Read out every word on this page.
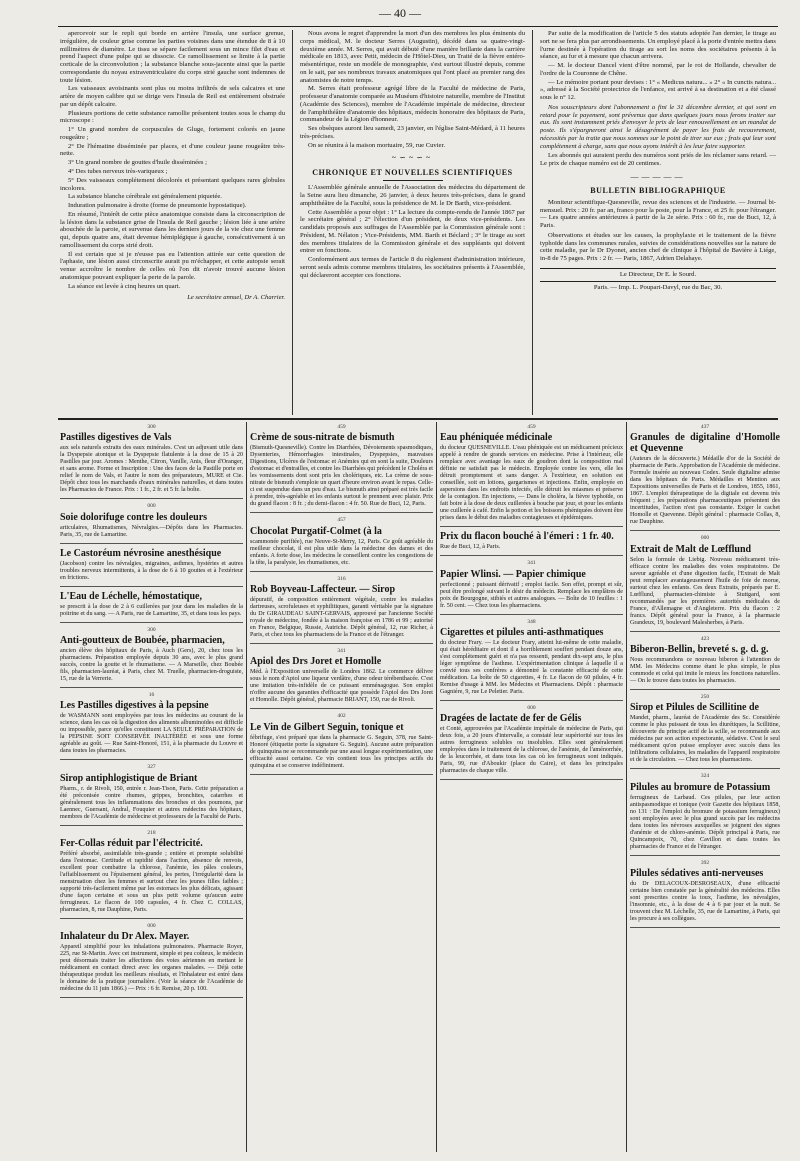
— 40 —

apercevoir sur le repli qui borde en arrière l'insula, une surface grenue, irrégulière, de couleur grise comme les parties voisines dans une étendue de 8 à 10 millimètres de diamètre. Le tissu se sépare facilement sous un mince filet d'eau et prend l'aspect d'une pulpe qui se dissocie. Ce ramollissement se limite à la partie corticale de la circonvolution ; la substance blanche sous-jacente ainsi que la partie correspondante du noyau extraventriculaire du corps strié gauche sont indemnes de toute lésion.

Les vaisseaux avoisinants sont plus ou moins infiltrés de sels calcaires et une artère de moyen calibre qui se dirige vers l'insula de Reil est entièrement obstruée par un dépôt calcaire.

Plusieurs portions de cette substance ramollie présentent toutes sous le champ du microscope :

1° Un grand nombre de corpuscules de Gluge, fortement colorés en jaune rougeâtre ;

2° De l'hématine disséminée par places, et d'une couleur jaune rougeâtre très-nette.

3° Un grand nombre de gouttes d'huile disséminées ;

4° Des tubes nerveux très-variqueux ;

5° Des vaisseaux complétement décolorés et présentant quelques rares globules incolores.

La substance blanche cérébrale est généralement piquetée.

Induration pulmonaire à droite (forme de pneumonie hypostatique).

En résumé, l'intérêt de cette pièce anatomique consiste dans la circonscription de la lésion dans la substance grise de l'insula de Reil gauche ; lésion liée à une artère abouchée de la paroie, et survenue dans les derniers jours de la vie chez une femme qui, depuis quatre ans, était devenue hémiplégique à gauche, consécutivement à un ramollissement du corps strié droit.

Il est certain que si je n'eusse pas eu l'attention attirée sur cette question de l'aphasie, une lésion aussi circonscrite aurait pu m'échapper, et cette autopsie serait venue accroître le nombre de celles où l'on dit n'avoir trouvé aucune lésion anatomique pouvant expliquer la perte de la parole.

La séance est levée à cinq heures un quart.

Le secrétaire annuel, Dr A. Charrier.

Nous avons le regret d'apprendre la mort d'un des membres les plus éminents du corps médical, M. le docteur Serres (Augustin), décédé dans sa quatre-vingt-deuxième année. M. Serres, qui avait débuté d'une manière brillante dans la carrière médicale en 1813, avec Petit, médecin de l'Hôtel-Dieu, un Traité de la fièvre entéro-mésentérique, reste un modèle de monographie, s'est surtout illustré depuis, comme on le sait, par ses nombreux travaux anatomiques qui l'ont placé au premier rang des anatomistes de notre temps.

M. Serres était professeur agrégé libre de la Faculté de médecine de Paris, professeur d'anatomie comparée au Muséum d'histoire naturelle, membre de l'Institut (Académie des Sciences), membre de l'Académie impériale de médecine, directeur de l'amphithéâtre d'anatomie des hôpitaux, médecin honoraire des hôpitaux de Paris, commandeur de la Légion d'honneur.

Ses obsèques auront lieu samedi, 23 janvier, en l'église Saint-Médard, à 11 heures très-précises.

On se réunira à la maison mortuaire, 59, rue Cuvier.

~∽~∽~
CHRONIQUE ET NOUVELLES SCIENTIFIQUES

L'Assemblée générale annuelle de l'Association des médecins du département de la Seine aura lieu dimanche, 26 janvier, à deux heures très-précises, dans le grand amphithéâtre de la Faculté, sous la présidence de M. le Dr Barth, vice-président.

Cette Assemblée a pour objet : 1° La lecture du compte-rendu de l'année 1867 par le secrétaire général ; 2° l'élection d'un président, de deux vice-présidents. Les candidats proposés aux suffrages de l'Assemblée par la Commission générale sont : Président, M. Nélaton ; Vice-Présidents, MM. Barth et Béclard ; 3° le tirage au sort des membres titulaires de la Commission générale et des suppléants qui doivent entrer en fonctions.

Conformément aux termes de l'article 8 du règlement d'administration intérieure, seront seuls admis comme membres titulaires, les sociétaires présents à l'Assemblée, qui déclareront accepter ces fonctions.

Par suite de la modification de l'article 5 des statuts adoptée l'an dernier, le tirage au sort ne se fera plus par arrondissements. Un employé placé à la porte d'entrée mettra dans l'urne destinée à l'opération du tirage au sort les noms des sociétaires présents à la séance, au fur et à mesure que chacun arrivera.

— M. le docteur Dancel vient d'être nommé, par le roi de Hollande, chevalier de l'ordre de la Couronne de Chêne.

— Le mémoire portant pour devises : 1° « Medicus natura... » 2° « In cunctis natura... », adressé à la Société protectrice de l'enfance, est arrivé à sa destination et a été classé sous le n° 12.

Nos souscripteurs dont l'abonnement a fini le 31 décembre dernier, et qui sont en retard pour le payement, sont prévenus que dans quelques jours nous ferons traiter sur eux. Ils sont instamment priés d'envoyer le prix de leur renouvellement en un mandat de poste. Ils s'épargneront ainsi le désagrément de payer les frais de recouvrement, nécessités par la traite que nous sommes sur le point de tirer sur eux ; frais qui leur sont complétement à charge, sans que nous ayons intérêt à les leur faire supporter.

Les abonnés qui auraient perdu des numéros sont priés de les réclamer sans retard. — Le prix de chaque numéro est de 20 centimes.

—————
BULLETIN BIBLIOGRAPHIQUE

Moniteur scientifique-Quesneville, revue des sciences et de l'industrie. — Journal bi-mensuel. Prix : 20 fr. par an, franco pour la poste, pour la France, et 25 fr. pour l'étranger. — Les quatre années antérieures à partir de la 2e série. Prix : 60 fr., rue de Buci, 12, à Paris.

Observations et études sur les causes, la prophylaxie et le traitement de la fièvre typhoïde dans les communes rurales, suivies de considérations nouvelles sur la nature de cette maladie, par le Dr Dyonet, ancien chef de clinique à l'hôpital de Bavière à Liége, in-8 de 75 pages. Prix : 2 fr. — Paris, 1867, Adrien Delahaye.

Le Directeur, Dr E. le Sourd.
Paris. — Imp. L. Poupart-Davyl, rue du Bac, 30.
300
Pastilles digestives de Vals
aux sels naturels extraits des eaux minérales. C'est un adjuvant utile dans la Dyspepsie atonique et la Dyspepsie flatulente à la dose de 15 à 20 Pastilles par jour. Aromes : Menthe, Citron, Vanille, Anis, fleur d'Oranger, et sans arome. Forme et Inscription : Une des faces de la Pastille porte en relief le nom de Vals, et l'autre le nom des préparateurs, MURE et Cie. Dépôt chez tous les marchands d'eaux minérales naturelles, et dans toutes les Pharmacies de France. Prix : 1 fr., 2 fr. et 5 fr. la boîte.
000
Soie dolorifuge contre les douleurs
articulaires, Rhumatismes, Névralgies.—Dépôts dans les Pharmacies. Paris, 35, rue de Lamartine.
Le Castoréum névrosine anesthésique
(Jacobson) contre les névralgies, migraines, asthmes, hystéries et autres troubles nerveux intermittents, à la dose de 6 à 10 gouttes et à l'extérieur en frictions.
L'Eau de Léchelle, hémostatique,
se prescrit à la dose de 2 à 6 cuillerées par jour dans les maladies de la poitrine et du sang. — A Paris, rue de Lamartine, 35, et dans tous les pays.
300
Anti-goutteux de Boubée, pharmacien,
ancien élève des hôpitaux de Paris, à Auch (Gers), 20, chez tous les pharmaciens. Préparation employée depuis 30 ans, avec le plus grand succès, contre la goutte et le rhumatisme. — A Marseille, chez Boubée fils, pharmacien-lauréat, à Paris, chez M. Truelle, pharmacien-droguiste, 15, rue de la Verrerie.
16
Les Pastilles digestives à la pepsine
de WASMANN sont employées par tous les médecins au courant de la science, dans les cas où la digestion des aliments albuminoïdes est difficile ou impossible, parce qu'elles constituent LA SEULE PRÉPARATION de la PEPSINE SOIT CONSERVÉE INALTÉRÉE et sous une forme agréable au goût. — Rue Saint-Honoré, 151, à la pharmacie du Louvre et dans toutes les pharmacies.
327
Sirop antiphlogistique de Briant
Pharm., r. de Rivoli, 150, entrée r. Jean-Tison, Paris. Cette préparation a été préconisée contre rhumes, grippes, bronchites, catarrhes et généralement tous les inflammations des bronches et des poumons, par Laennec, Guersant, Andral, Fouquier et autres médecins des hôpitaux, membres de l'Académie de médecine et professeurs de la Faculté de Paris.
218
Fer-Collas réduit par l'électricité.
Préféré absorbé, assimilable très-grande ; entière et prompte solubilité dans l'estomac. Certitude et rapidité dans l'action, absence de renvois, excellent pour combattre la chlorose, l'anémie, les pâles couleurs, l'affaiblissement ou l'épuisement général, les pertes, l'irrégularité dans la menstruation chez les femmes et surtout chez les jeunes filles faibles ; supporté très-facilement même par les estomacs les plus délicats, agissant d'une façon certaine et sous un plus petit volume qu'aucun autre ferrugineux. Le flacon de 100 capsules, 4 fr. Chez C. COLLAS, pharmacien, 8, rue Dauphine, Paris.
000
Inhalateur du Dr Alex. Mayer.
Appareil simplifié pour les inhalations pulmonaires. Pharmacie Royer, 225, rue St-Martin. Avec cet instrument, simple et peu coûteux, le médecin peut désormais traiter les affections des voies aériennes en mettant le médicament en contact direct avec les organes malades. — Déjà cette thérapeutique produit les meilleurs résultats, et l'Inhalateur est entré dans le domaine de la pratique journalière. (Voir la séance de l'Académie de médecine du 11 juin 1866.) — Prix : 6 fr. Remise, 20 p. 100.
459
Crème de sous-nitrate de bismuth
(Bismuth-Quesneville). Contre les Diarrhées, Dévoiements spasmodiques, Dysenteries, Hémorrhagies intestinales, Dyspepsies, mauvaises Digestions, Ulcères de l'estomac et Anémies qui en sont la suite, Douleurs d'estomac et d'entrailles, et contre les Diarrhées qui précèdent le Choléra et les vomissements dont sont pris les cholériques, etc. La crème de sous-nitrate de bismuth s'emploie un quart d'heure environ avant le repas. Celle-ci est suspendue dans un peu d'eau. Le bismuth ainsi préparé est très facile à prendre, très-agréable et les enfants surtout le prennent avec plaisir. Prix du grand flacon : 8 fr. ; du demi-flacon : 4 fr. 50. Rue de Buci, 12, Paris.
457
Chocolat Purgatif-Colmet (à la
scammonée purifiée), rue Neuve-St-Merry, 12, Paris. Ce goût agréable du meilleur chocolat, il est plus utile dans la médecine des dames et des enfants. A forte dose, les médecins le conseillent contre les congestions de la tête, la paralysie, les rhumatismes, etc.
316
Rob Boyveau-Laffecteur. — Sirop
dépuratif, de composition entièrement végétale, contre les maladies dartreuses, scrofuleuses et syphilitiques, garanti véritable par la signature du Dr GIRAUDEAU SAINT-GERVAIS, approuvé par l'ancienne Société royale de médecine, fondée à la maison françoise en 1786 et 99 ; autorisé en France, Belgique, Russie, Autriche. Dépôt général, 12, rue Richer, à Paris, et chez tous les pharmaciens de la France et de l'étranger.
341
Apiol des Drs Joret et Homolle
Méd. à l'Exposition universelle de Londres 1862. Le commerce délivre sous le nom d'Apiol une liqueur verdâtre, d'une odeur térébenthacée. C'est une imitation très-infidèle de ce puissant emménagogue. Son emploi n'offre aucune des garanties d'efficacité que possède l'Apiol des Drs Joret et Homolle. Dépôt général, pharmacie BRIANT, 150, rue de Rivoli.
402
Le Vin de Gilbert Seguin, tonique et
fébrifuge, s'est préparé que dans la pharmacie G. Seguin, 378, rue Saint-Honoré (étiquette porte la signature G. Seguin). Aucune autre préparation de quinquina ne se recommande par une aussi longue expérimentation, une efficacité aussi certaine. Ce vin contient tous les principes actifs du quinquina et se conserve indéfiniment.
459
Eau phéniquée médicinale
du docteur QUESNEVILLE. L'eau phéniquée est un médicament précieux appelé à rendre de grands services en médecine. Prise à l'intérieur, elle remplace avec avantage les eaux de goudron dont la composition mal définie ne satisfait pas le médecin. Employée contre les vers, elle les détruit promptement et sans danger. A l'extérieur, en solution est conseillée, soit en lotions, gargarismes et injections. Enfin, employée en aspersions dans les endroits infectés, elle détruit les miasmes et préserve de la contagion. En injections, — Dans le choléra, la fièvre typhoïde, on fait boire à la dose de deux cuillerées à bouche par jour, et pour les enfants une cuillerée à café. Enfin la potion et les boissons phéniquées doivent être prises dans le début des maladies contagieuses et épidémiques.
Prix du flacon bouché à l'émeri : 1 fr. 40.
Rue de Buci, 12, à Paris.
341
Papier Wlinsi. — Papier chimique
perfectionné ; puissant dérivatif ; emploi facile. Son effet, prompt et sûr, peut être prolongé suivant le désir du médecin. Remplace les emplâtres de poix de Bourgogne, stibiés et autres analogues. — Boîte de 10 feuilles : 1 fr. 50 cent. — Chez tous les pharmaciens.
348
Cigarettes et pilules anti-asthmatiques
du docteur Frary. — Le docteur Frary, atteint lui-même de cette maladie, qui était héréditaire et dont il a horriblement souffert pendant douze ans, s'est complètement guéri et n'a pas ressenti, pendant dix-sept ans, le plus léger symptôme de l'asthme. L'expérimentation clinique à laquelle il a convié tous ses confrères a démontré la constante efficacité de cette médication. La boîte de 50 cigarettes, 4 fr. Le flacon de 60 pilules, 4 fr. Remise d'usage à MM. les Médecins et Pharmaciens. Dépôt : pharmacie Gagniére, 9, rue Le Peletier. Paris.
000
Dragées de lactate de fer de Gélis
et Conté, approuvées par l'Académie impériale de médecine de Paris, qui deux fois, a 20 jours d'intervalle, a constaté leur supériorité sur tous les autres ferrugineux solubles ou insolubles. Elles sont généralement employées dans le traitement de la chlorose, de l'anémie, de l'aménorrhée, de la leucorrhée, et dans tous les cas où les ferrugineux sont indiqués. Paris, 99, rue d'Aboukir (place du Caire), et dans les principales pharmacies de chaque ville.
437
Granules de digitaline d'Homolle et Quevenne
(Auteurs de la découverte.) Médaille d'or de la Société de pharmacie de Paris. Approbation de l'Académie de médecine. Formule insérée au nouveau Codex. Seule digitaline admise dans les hôpitaux de Paris. Médailles et Mention aux Expositions universelles de Paris et de Londres, 1855, 1861, 1867. L'emploi thérapeutique de la digitale est devenu très fréquent ; les préparations pharmaceutiques présentent des incertitudes, l'action n'est pas constante. Exiger le cachet Homolle et Quevenne. Dépôt général : pharmacie Collas, 8, rue Dauphine.
000
Extrait de Malt de Lœfflund
Selon la formule de Liebig. Nouveau médicament très-efficace contre les maladies des voies respiratoires. De saveur agréable et d'une digestion facile, l'Extrait de Malt peut remplacer avantageusement l'huile de foie de morue, surtout chez les enfants. Ces deux Extraits, préparés par E. Lœfflund, pharmacien-chimiste à Stuttgard, sont recommandés par les premières autorités médicales de France, d'Allemagne et d'Angleterre. Prix du flacon : 2 francs. Dépôt général pour la France, à la pharmacie Grandeux, 19, boulevard Malesherbes, à Paris.
423
Biberon-Bellin, breveté s. g. d. g.
Nous recommandons ce nouveau biberon à l'attention de MM. les Médecins comme étant le plus simple, le plus commode et celui qui imite le mieux les fonctions naturelles. — On le trouve dans toutes les pharmacies.
250
Sirop et Pilules de Scillitine de
Mandet, pharm., lauréat de l'Académie des Sc. Considérée comme le plus puissant de tous les diurétiques, la Scillitine, découverte du principe actif de la scille, se recommande aux médecins par son action expectorante, sédative. C'est le seul médicament qu'on puisse employer avec succès dans les infiltrations cellulaires, les maladies de l'appareil respiratoire et de la circulation. — Chez tous les pharmaciens.
324
Pilules au bromure de Potassium
ferrugineux de Larbaud. Ces pilules, par leur action antispasmodique et tonique (voir Gazette des hôpitaux 1858, no 131 : De l'emploi du bromure de potassium ferrugineux) sont employées avec le plus grand succès par les médecins dans toutes les névroses auxquelles se joignent des signes d'anémie et de chloro-anémie. Dépôt principal à Paris, rue Quincampoix, 70, chez Cavillon et dans toutes les pharmacies de France et de l'étranger.
392
Pilules sédatives anti-nerveuses
du Dr DELACOUX-DESROSEAUX, d'une efficacité certaine bien constatée par la généralité des médecins. Elles sont prescrites contre la toux, l'asthme, les névralgies, l'insomnie, etc., à la dose de 4 à 6 par jour et la nuit. Se trouvent chez M. Léchelle, 35, rue de Lamartine, à Paris, qui les procure à ses collègues.
